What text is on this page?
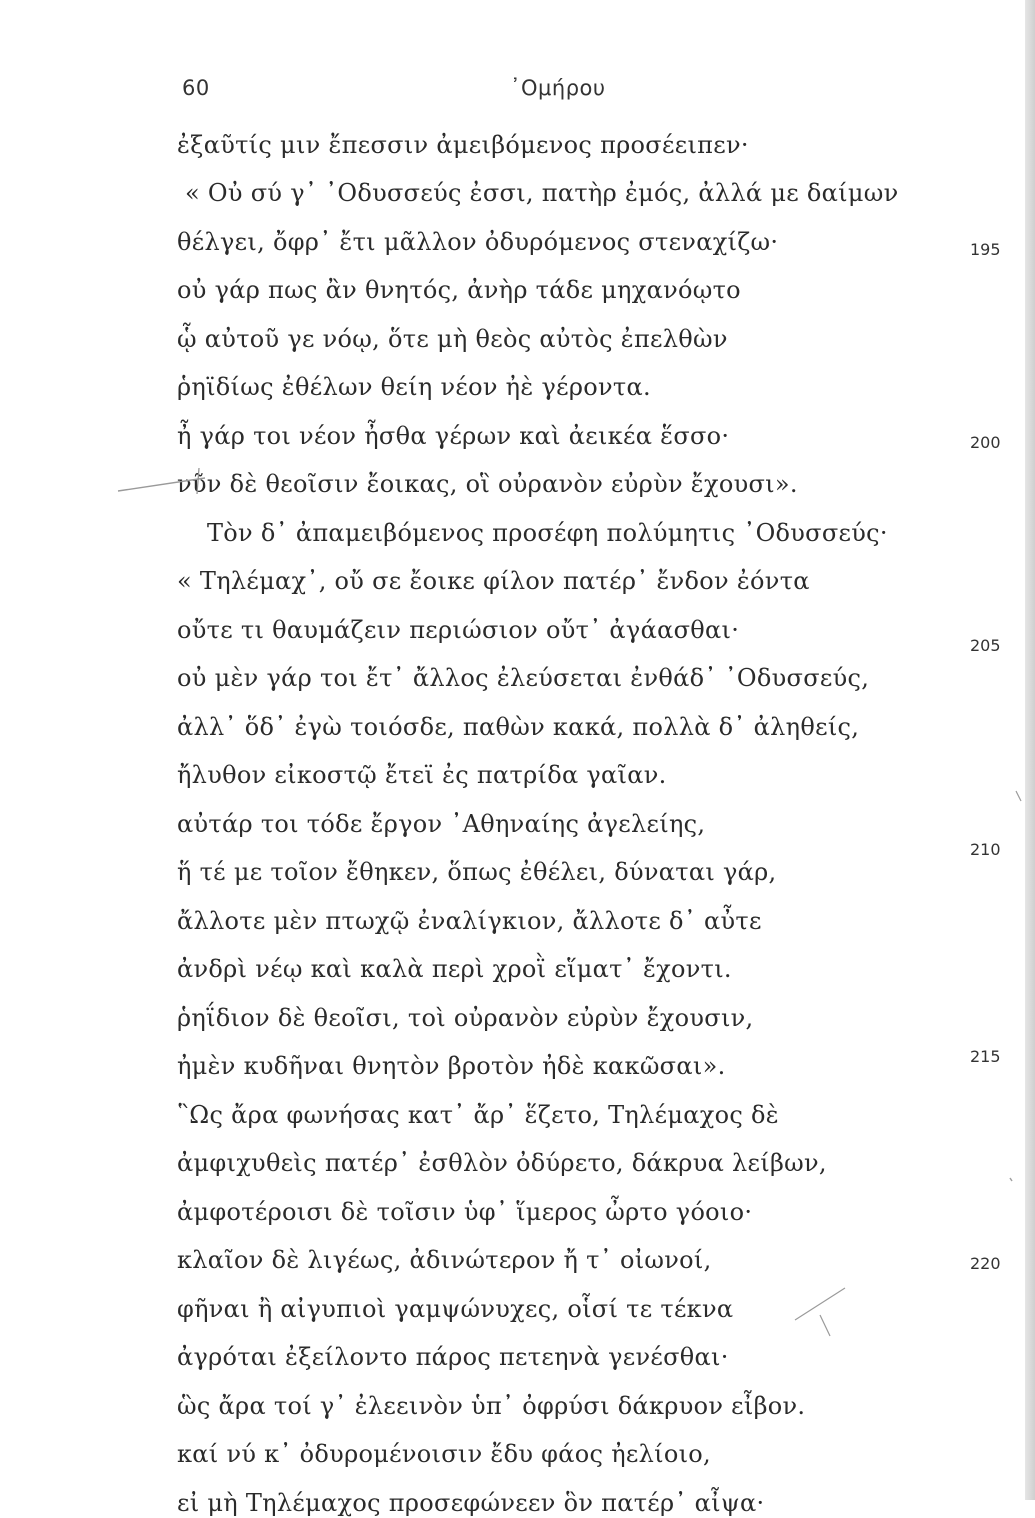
60	᾿Ομήρου
ἐξαῦτίς μιν ἔπεσσιν ἀμειβόμενος προσέειπεν·
« Οὐ σύ γ᾿ ᾿Οδυσσεύς ἐσσι, πατὴρ ἐμός, ἀλλά με δαίμων
θέλγει, ὄφρ᾿ ἔτι μᾶλλον ὀδυρόμενος στεναχίζω·
οὐ γάρ πως ἂν θνητός, ἀνὴρ τάδε μηχανόῳτο
ᾧ αὐτοῦ γε νόῳ, ὅτε μὴ θεὸς αὐτὸς ἐπελθὼν
ῥηϊδίως ἐθέλων θείη νέον ἠὲ γέροντα.
ἦ γάρ τοι νέον ἦσθα γέρων καὶ ἀεικέα ἕσσο·
νῦν δὲ θεοῖσιν ἔοικας, οἳ οὐρανὸν εὐρὺν ἔχουσι».
Τὸν δ᾿ ἀπαμειβόμενος προσέφη πολύμητις ᾿Οδυσσεύς·
« Τηλέμαχ᾿, οὔ σε ἔοικε φίλον πατέρ᾿ ἔνδον ἐόντα
οὔτε τι θαυμάζειν περιώσιον οὔτ᾿ ἀγάασθαι·
οὐ μὲν γάρ τοι ἔτ᾿ ἄλλος ἐλεύσεται ἐνθάδ᾿ ᾿Οδυσσεύς,
ἀλλ᾿ ὅδ᾿ ἐγὼ τοιόσδε, παθὼν κακά, πολλὰ δ᾿ ἀληθείς,
ἤλυθον εἰκοστῷ ἔτεϊ ἐς πατρίδα γαῖαν.
αὐτάρ τοι τόδε ἔργον ᾿Αθηναίης ἀγελείης,
ἥ τέ με τοῖον ἔθηκεν, ὅπως ἐθέλει, δύναται γάρ,
ἄλλοτε μὲν πτωχῷ ἐναλίγκιον, ἄλλοτε δ᾿ αὖτε
ἀνδρὶ νέῳ καὶ καλὰ περὶ χροῒ εἵματ᾿ ἔχοντι.
ῥηΐδιον δὲ θεοῖσι, τοὶ οὐρανὸν εὐρὺν ἔχουσιν,
ἠμὲν κυδῆναι θνητὸν βροτὸν ἠδὲ κακῶσαι».
῝Ως ἄρα φωνήσας κατ᾿ ἄρ᾿ ἕζετο, Τηλέμαχος δὲ
ἀμφιχυθεὶς πατέρ᾿ ἐσθλὸν ὀδύρετο, δάκρυα λείβων,
ἀμφοτέροισι δὲ τοῖσιν ὑφ᾿ ἵμερος ὦρτο γόοιο·
κλαῖον δὲ λιγέως, ἀδινώτερον ἤ τ᾿ οἰωνοί,
φῆναι ἢ αἰγυπιοὶ γαμψώνυχες, οἷσί τε τέκνα
ἀγρόται ἐξείλοντο πάρος πετεηνὰ γενέσθαι·
ὣς ἄρα τοί γ᾿ ἐλεεινὸν ὑπ᾿ ὀφρύσι δάκρυον εἶβον.
καί νύ κ᾿ ὀδυρομένοισιν ἔδυ φάος ἠελίοιο,
εἰ μὴ Τηλέμαχος προσεφώνεεν ὃν πατέρ᾿ αἶψα·
195
200
205
210
215
220
